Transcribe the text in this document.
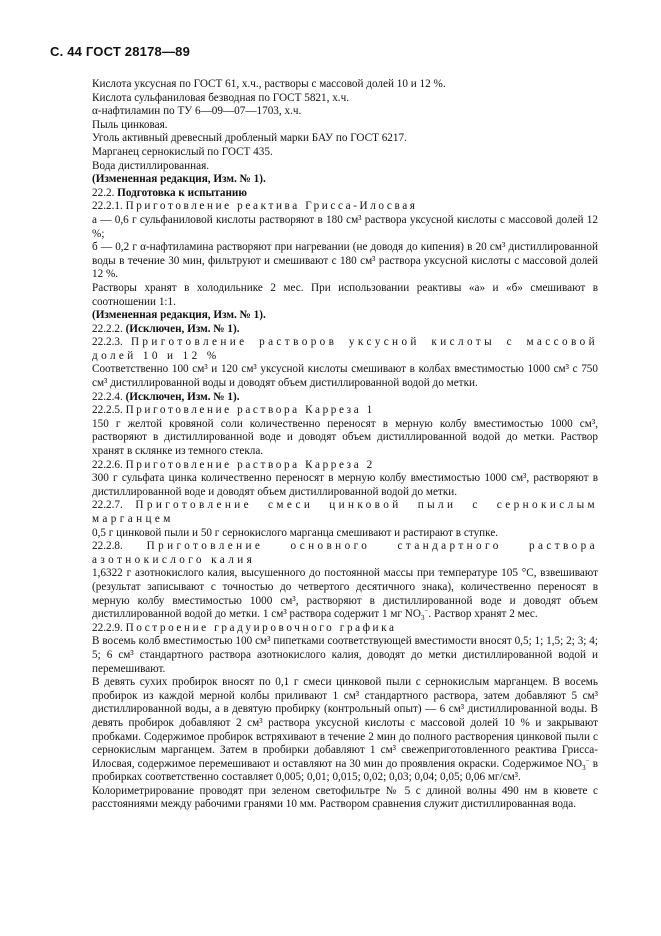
С. 44 ГОСТ 28178—89

Кислота уксусная по ГОСТ 61, х.ч., растворы с массовой долей 10 и 12 %.

Кислота сульфаниловая безводная по ГОСТ 5821, х.ч.

α-нафтиламин по ТУ 6—09—07—1703, х.ч.

Пыль цинковая.

Уголь активный древесный дробленый марки БАУ по ГОСТ 6217.

Марганец сернокислый по ГОСТ 435.

Вода дистиллированная.

(Измененная редакция, Изм. № 1).

22.2. Подготовка к испытанию

22.2.1. Приготовление реактива Грисса-Илосвая

а — 0,6 г сульфаниловой кислоты растворяют в 180 см³ раствора уксусной кислоты с массовой долей 12 %;

б — 0,2 г α-нафтиламина растворяют при нагревании (не доводя до кипения) в 20 см³ дистиллированной воды в течение 30 мин, фильтруют и смешивают с 180 см³ раствора уксусной кислоты с массовой долей 12 %.

Растворы хранят в холодильнике 2 мес. При использовании реактивы «а» и «б» смешивают в соотношении 1:1.

(Измененная редакция, Изм. № 1).

22.2.2. (Исключен, Изм. № 1).

22.2.3. Приготовление растворов уксусной кислоты с массовой долей 10 и 12 %

Соответственно 100 см³ и 120 см³ уксусной кислоты смешивают в колбах вместимостью 1000 см³ с 750 см³ дистиллированной воды и доводят объем дистиллированной водой до метки.

22.2.4. (Исключен, Изм. № 1).

22.2.5. Приготовление раствора Карреза 1

150 г желтой кровяной соли количественно переносят в мерную колбу вместимостью 1000 см³, растворяют в дистиллированной воде и доводят объем дистиллированной водой до метки. Раствор хранят в склянке из темного стекла.

22.2.6. Приготовление раствора Карреза 2

300 г сульфата цинка количественно переносят в мерную колбу вместимостью 1000 см³, растворяют в дистиллированной воде и доводят объем дистиллированной водой до метки.

22.2.7. Приготовление смеси цинковой пыли с сернокислым марганцем

0,5 г цинковой пыли и 50 г сернокислого марганца смешивают и растирают в ступке.

22.2.8. Приготовление основного стандартного раствора азотнокислого калия

1,6322 г азотнокислого калия, высушенного до постоянной массы при температуре 105 °С, взвешивают (результат записывают с точностью до четвертого десятичного знака), количественно переносят в мерную колбу вместимостью 1000 см³, растворяют в дистиллированной воде и доводят объем дистиллированной водой до метки. 1 см³ раствора содержит 1 мг $NO_3^-$. Раствор хранят 2 мес.

22.2.9. Построение градуировочного графика

В восемь колб вместимостью 100 см³ пипетками соответствующей вместимости вносят 0,5; 1; 1,5; 2; 3; 4; 5; 6 см³ стандартного раствора азотнокислого калия, доводят до метки дистиллированной водой и перемешивают.

В девять сухих пробирок вносят по 0,1 г смеси цинковой пыли с сернокислым марганцем. В восемь пробирок из каждой мерной колбы приливают 1 см³ стандартного раствора, затем добавляют 5 см³ дистиллированной воды, а в девятую пробирку (контрольный опыт) — 6 см³ дистиллированной воды. В девять пробирок добавляют 2 см³ раствора уксусной кислоты с массовой долей 10 % и закрывают пробками. Содержимое пробирок встряхивают в течение 2 мин до полного растворения цинковой пыли с сернокислым марганцем. Затем в пробирки добавляют 1 см³ свежеприготовленного реактива Грисса-Илосвая, содержимое перемешивают и оставляют на 30 мин до проявления окраски. Содержимое $NO_3^-$ в пробирках соответственно составляет 0,005; 0,01; 0,015; 0,02; 0,03; 0,04; 0,05; 0,06 мг/см³.

Колориметрирование проводят при зеленом светофильтре № 5 с длиной волны 490 нм в кювете с расстояниями между рабочими гранями 10 мм. Раствором сравнения служит дистиллированная вода.
